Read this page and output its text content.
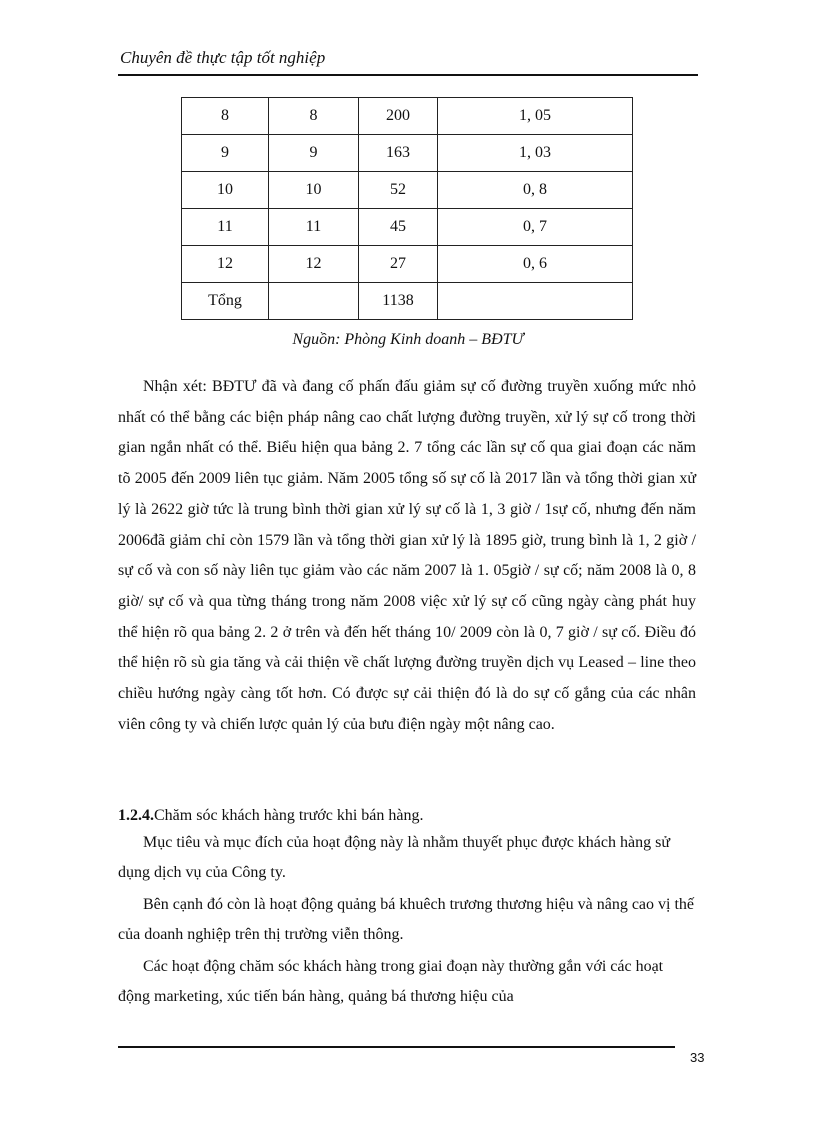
Chuyên đề thực tập tốt nghiệp
8	8	200	1, 05
9	9	163	1, 03
10	10	52	0, 8
11	11	45	0, 7
12	12	27	0, 6
Tổng		1138	
Nguồn: Phòng Kinh doanh – BĐTƯ

Nhận xét: BĐTƯ đã và đang cố phấn đấu giảm sự cố đường truyền xuống mức nhỏ nhất có thể bằng các biện pháp nâng cao chất lượng đường truyền, xử lý sự cố trong thời gian ngắn nhất có thể. Biểu hiện qua bảng 2. 7 tổng các lần sự cố qua giai đoạn các năm tõ 2005 đến 2009 liên tục giảm. Năm 2005 tổng số sự cố là 2017 lần và tổng thời gian xử lý là 2622 giờ tức là trung bình thời gian xử lý sự cố là 1, 3 giờ / 1sự cố, nhưng đến năm 2006đã giảm chỉ còn 1579 lần và tổng thời gian xử lý là 1895 giờ, trung bình là 1, 2 giờ / sự cố và con số này liên tục giảm vào các năm 2007 là 1. 05giờ / sự cố; năm 2008 là 0, 8 giờ/ sự cố và qua từng tháng trong năm 2008 việc xử lý sự cố cũng ngày càng phát huy thể hiện rõ qua bảng 2. 2 ở trên và đến hết tháng 10/ 2009 còn là 0, 7 giờ / sự cố. Điều đó thể hiện rõ sù gia tăng và cải thiện về chất lượng đường truyền dịch vụ Leased – line theo chiều hướng ngày càng tốt hơn. Có được sự cải thiện đó là do sự cố gắng của các nhân viên công ty và chiến lược quản lý của bưu điện ngày một nâng cao.

1.2.4.Chăm sóc khách hàng trước khi bán hàng.

Mục tiêu và mục đích của hoạt động này là nhằm thuyết phục được khách hàng sử dụng dịch vụ của Công ty.

Bên cạnh đó còn là hoạt động quảng bá khuêch trương thương hiệu và nâng cao vị thế của doanh nghiệp trên thị trường viễn thông.

Các hoạt động chăm sóc khách hàng trong giai đoạn này thường gắn với các hoạt động marketing, xúc tiến bán hàng, quảng bá thương hiệu của

33
